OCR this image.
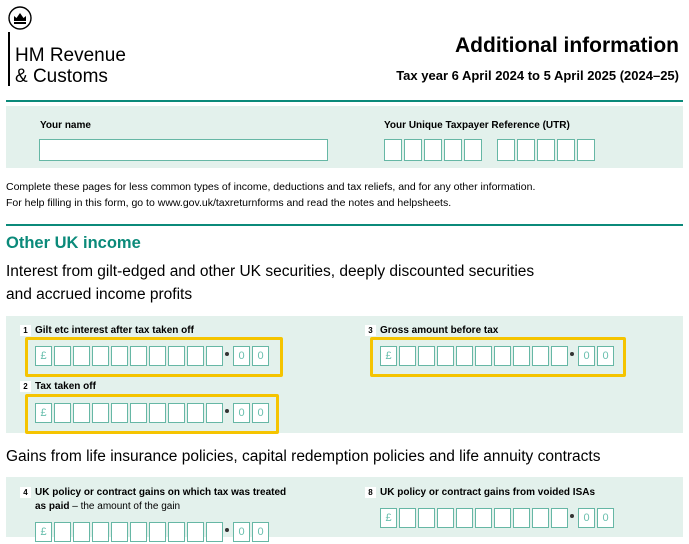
HM Revenue
& Customs
Additional information
Tax year 6 April 2024 to 5 April 2025 (2024–25)
Your name	Your Unique Taxpayer Reference (UTR)
Complete these pages for less common types of income, deductions and tax reliefs, and for any other information.
For help filling in this form, go to www.gov.uk/taxreturnforms and read the notes and helpsheets.
Other UK income
Interest from gilt-edged and other UK securities, deeply discounted securities
and accrued income profits
1 Gilt etc interest after tax taken off
£	0	0
2 Tax taken off
£	0	0
3 Gross amount before tax
£	0	0
Gains from life insurance policies, capital redemption policies and life annuity contracts
4 UK policy or contract gains on which tax was treated
as paid – the amount of the gain
£	0	0
8 UK policy or contract gains from voided ISAs
£	0	0
